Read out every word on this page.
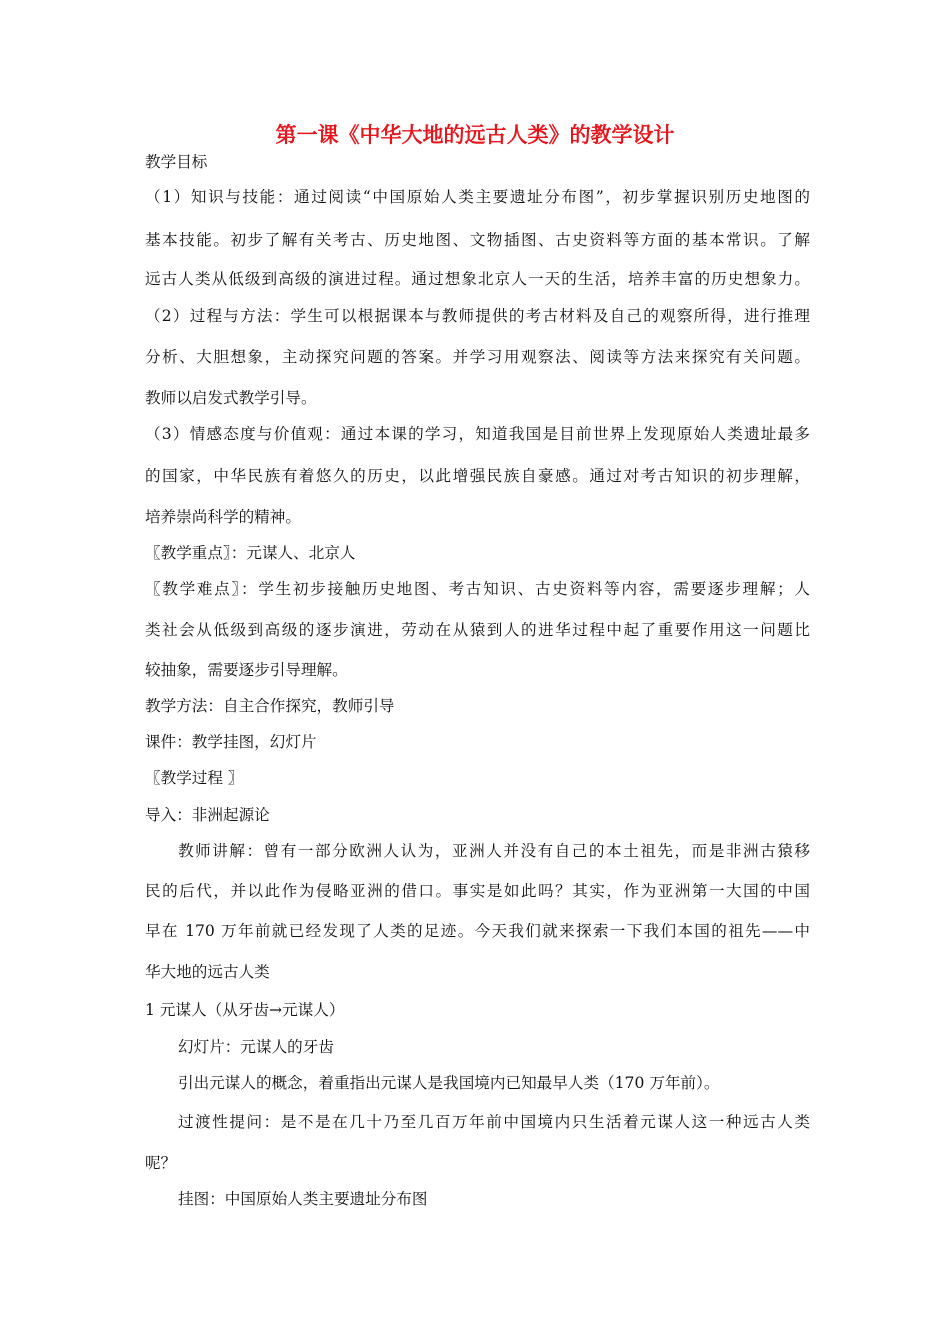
第一课《中华大地的远古人类》的教学设计
教学目标
（1）知识与技能：通过阅读“中国原始人类主要遗址分布图”，初步掌握识别历史地图的
基本技能。初步了解有关考古、历史地图、文物插图、古史资料等方面的基本常识。了解
远古人类从低级到高级的演进过程。通过想象北京人一天的生活，培养丰富的历史想象力。
（2）过程与方法：学生可以根据课本与教师提供的考古材料及自己的观察所得，进行推理
分析、大胆想象，主动探究问题的答案。并学习用观察法、阅读等方法来探究有关问题。
教师以启发式教学引导。
（3）情感态度与价值观：通过本课的学习，知道我国是目前世界上发现原始人类遗址最多
的国家，中华民族有着悠久的历史，以此增强民族自豪感。通过对考古知识的初步理解，
培养崇尚科学的精神。
〖教学重点〗：元谋人、北京人
〖教学难点〗：学生初步接触历史地图、考古知识、古史资料等内容，需要逐步理解；人
类社会从低级到高级的逐步演进，劳动在从猿到人的进华过程中起了重要作用这一问题比
较抽象，需要逐步引导理解。
教学方法：自主合作探究，教师引导
课件：教学挂图，幻灯片
〖教学过程 〗
导入：非洲起源论
教师讲解：曾有一部分欧洲人认为，亚洲人并没有自己的本土祖先，而是非洲古猿移
民的后代，并以此作为侵略亚洲的借口。事实是如此吗？其实，作为亚洲第一大国的中国
早在 170 万年前就已经发现了人类的足迹。今天我们就来探索一下我们本国的祖先——中
华大地的远古人类
1 元谋人（从牙齿→元谋人）
幻灯片：元谋人的牙齿
引出元谋人的概念，着重指出元谋人是我国境内已知最早人类（170 万年前）。
过渡性提问：是不是在几十乃至几百万年前中国境内只生活着元谋人这一种远古人类
呢？
挂图：中国原始人类主要遗址分布图
